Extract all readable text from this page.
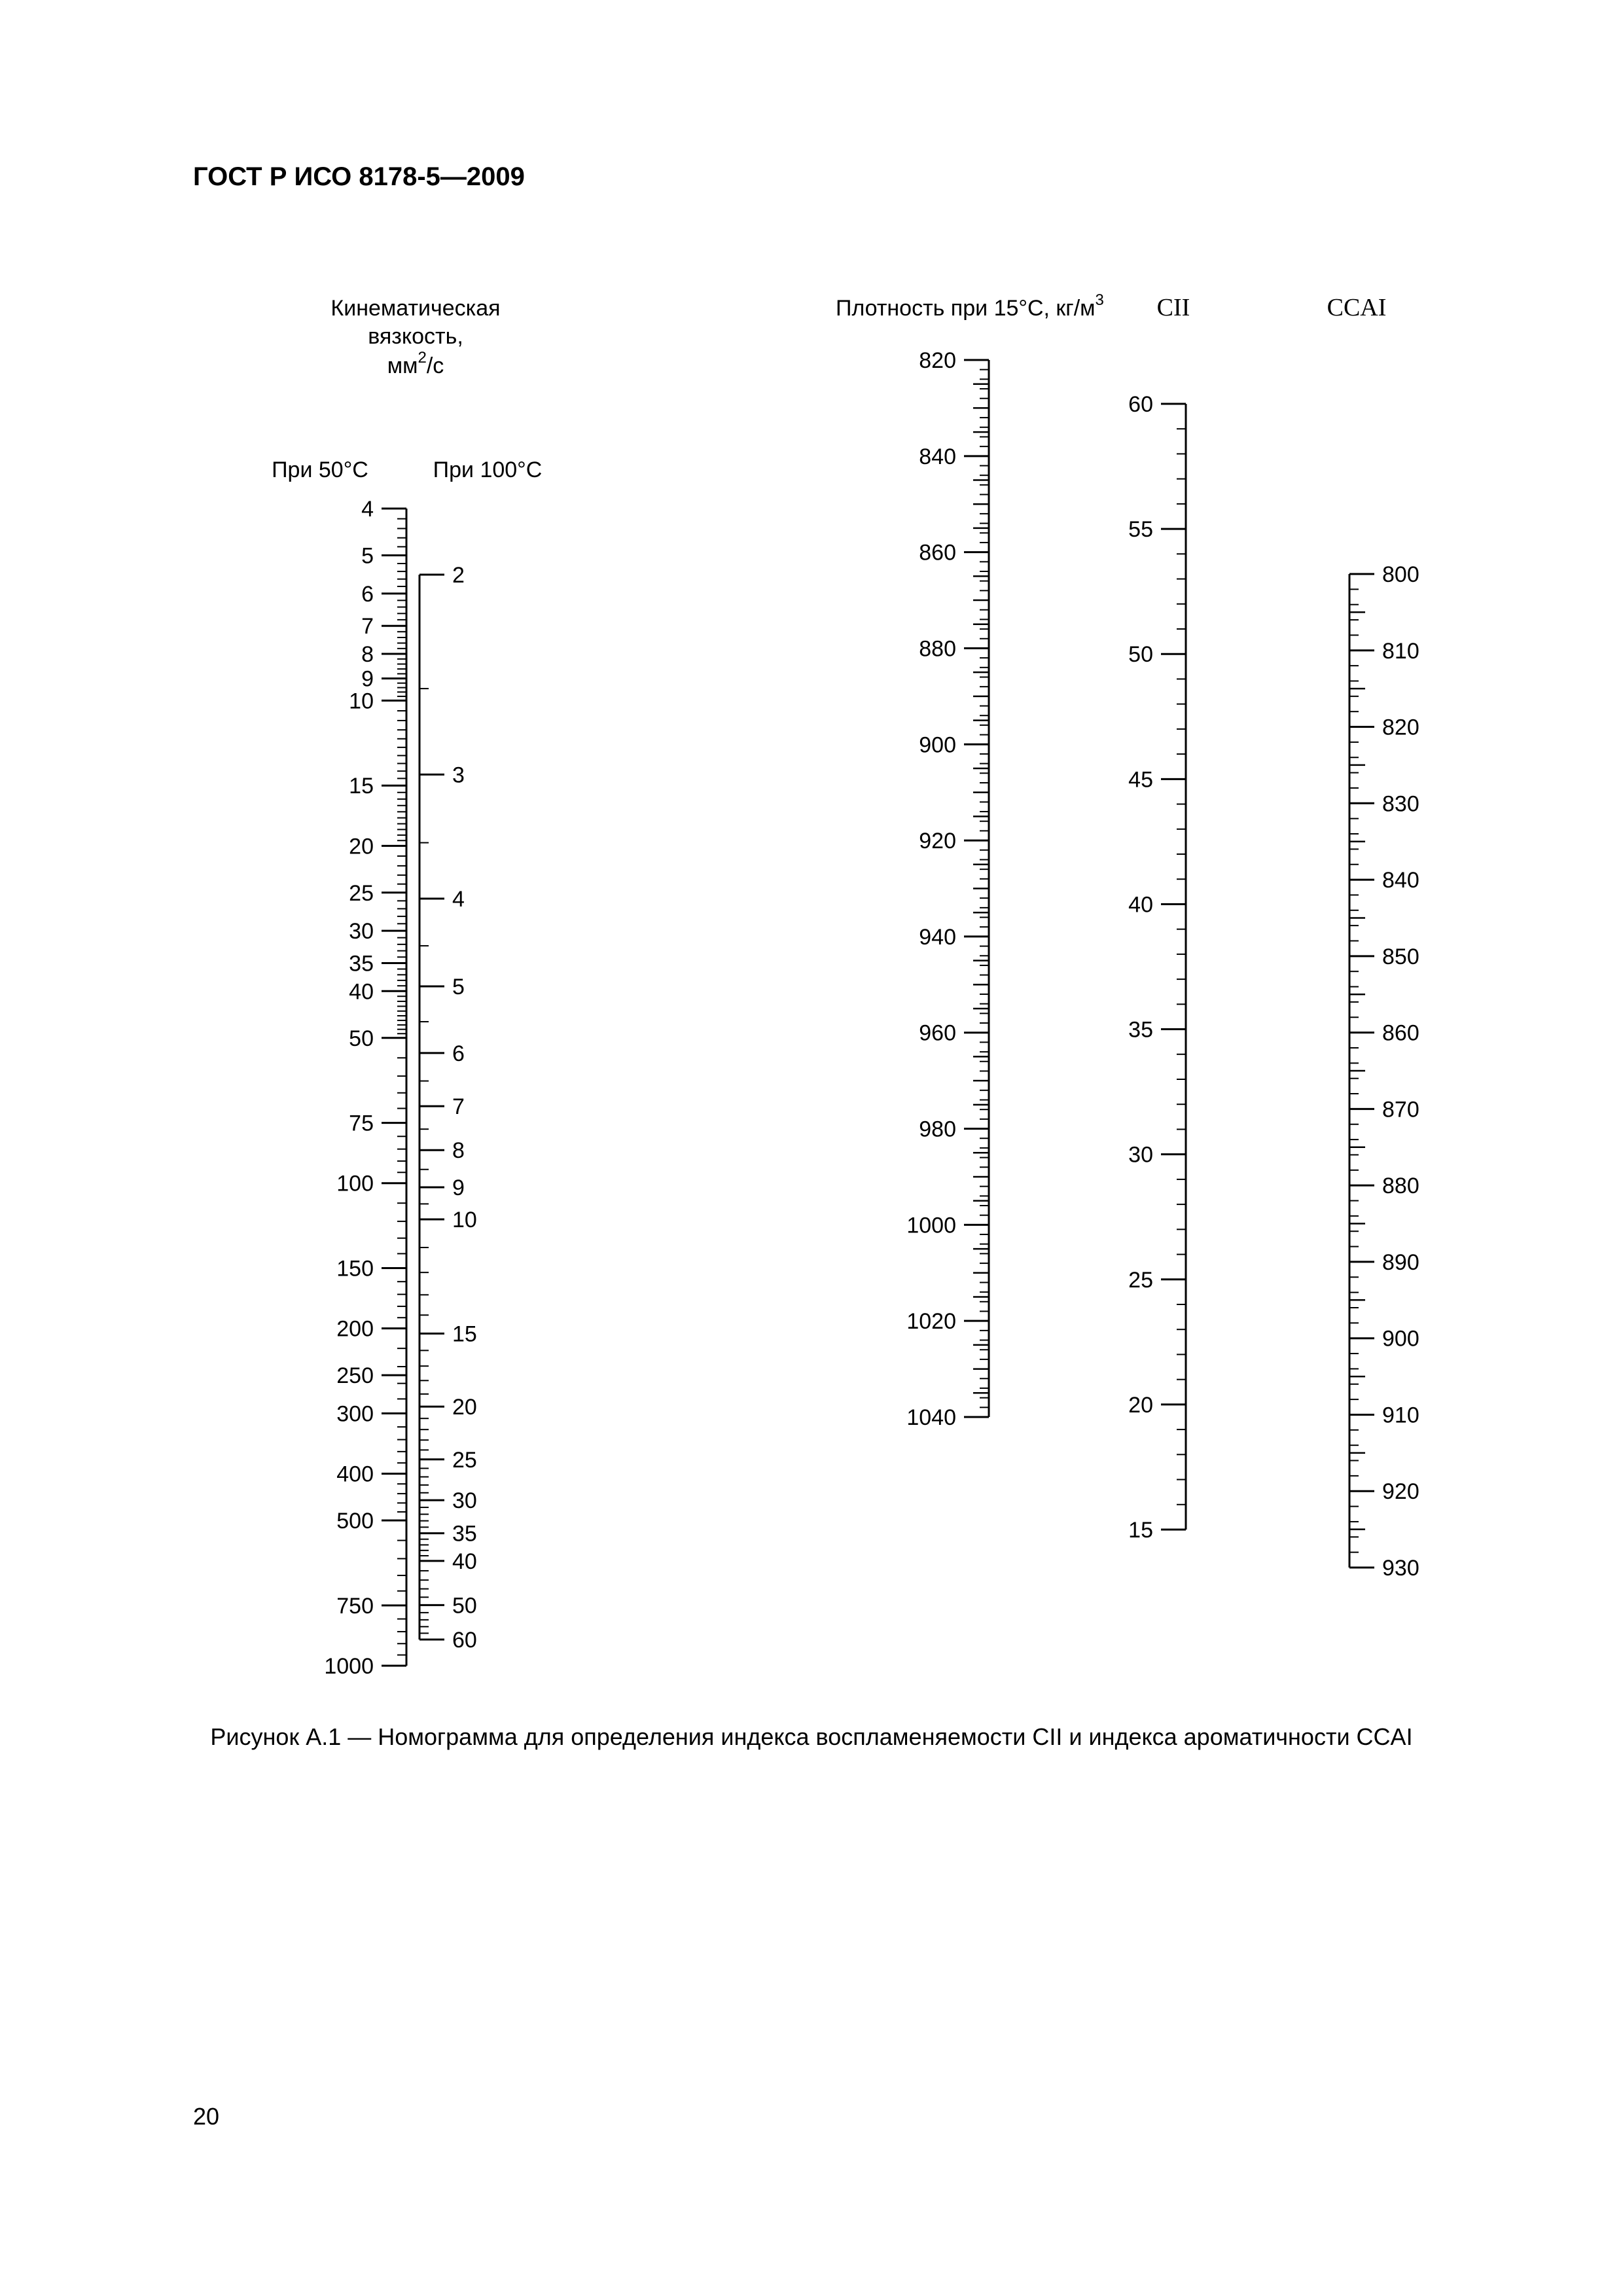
ГОСТ Р ИСО 8178-5—2009
Кинематическая
вязкость,
$мм^2/с$
При 50°С	При 100°С
Плотность при 15°С, $кг/м^3$ CII	CCAI
4
5
6
7
8
9
10
15
20
25
30
35
40
50
75
100
150
200
250
300
400
500
750
1000
2
3
4
5
6
7
8
9
10
15
20
25
30
35
40
50
60
820
840
860
880
900
920
940
960
980
1000
1020
1040
60
55
50
45
40
35
30
25
20
15
800
810
820
830
840
850
860
870
880
890
900
910
920
930
Рисунок А.1 — Номограмма для определения индекса воспламеняемости CII и индекса ароматичности CCAI
20
